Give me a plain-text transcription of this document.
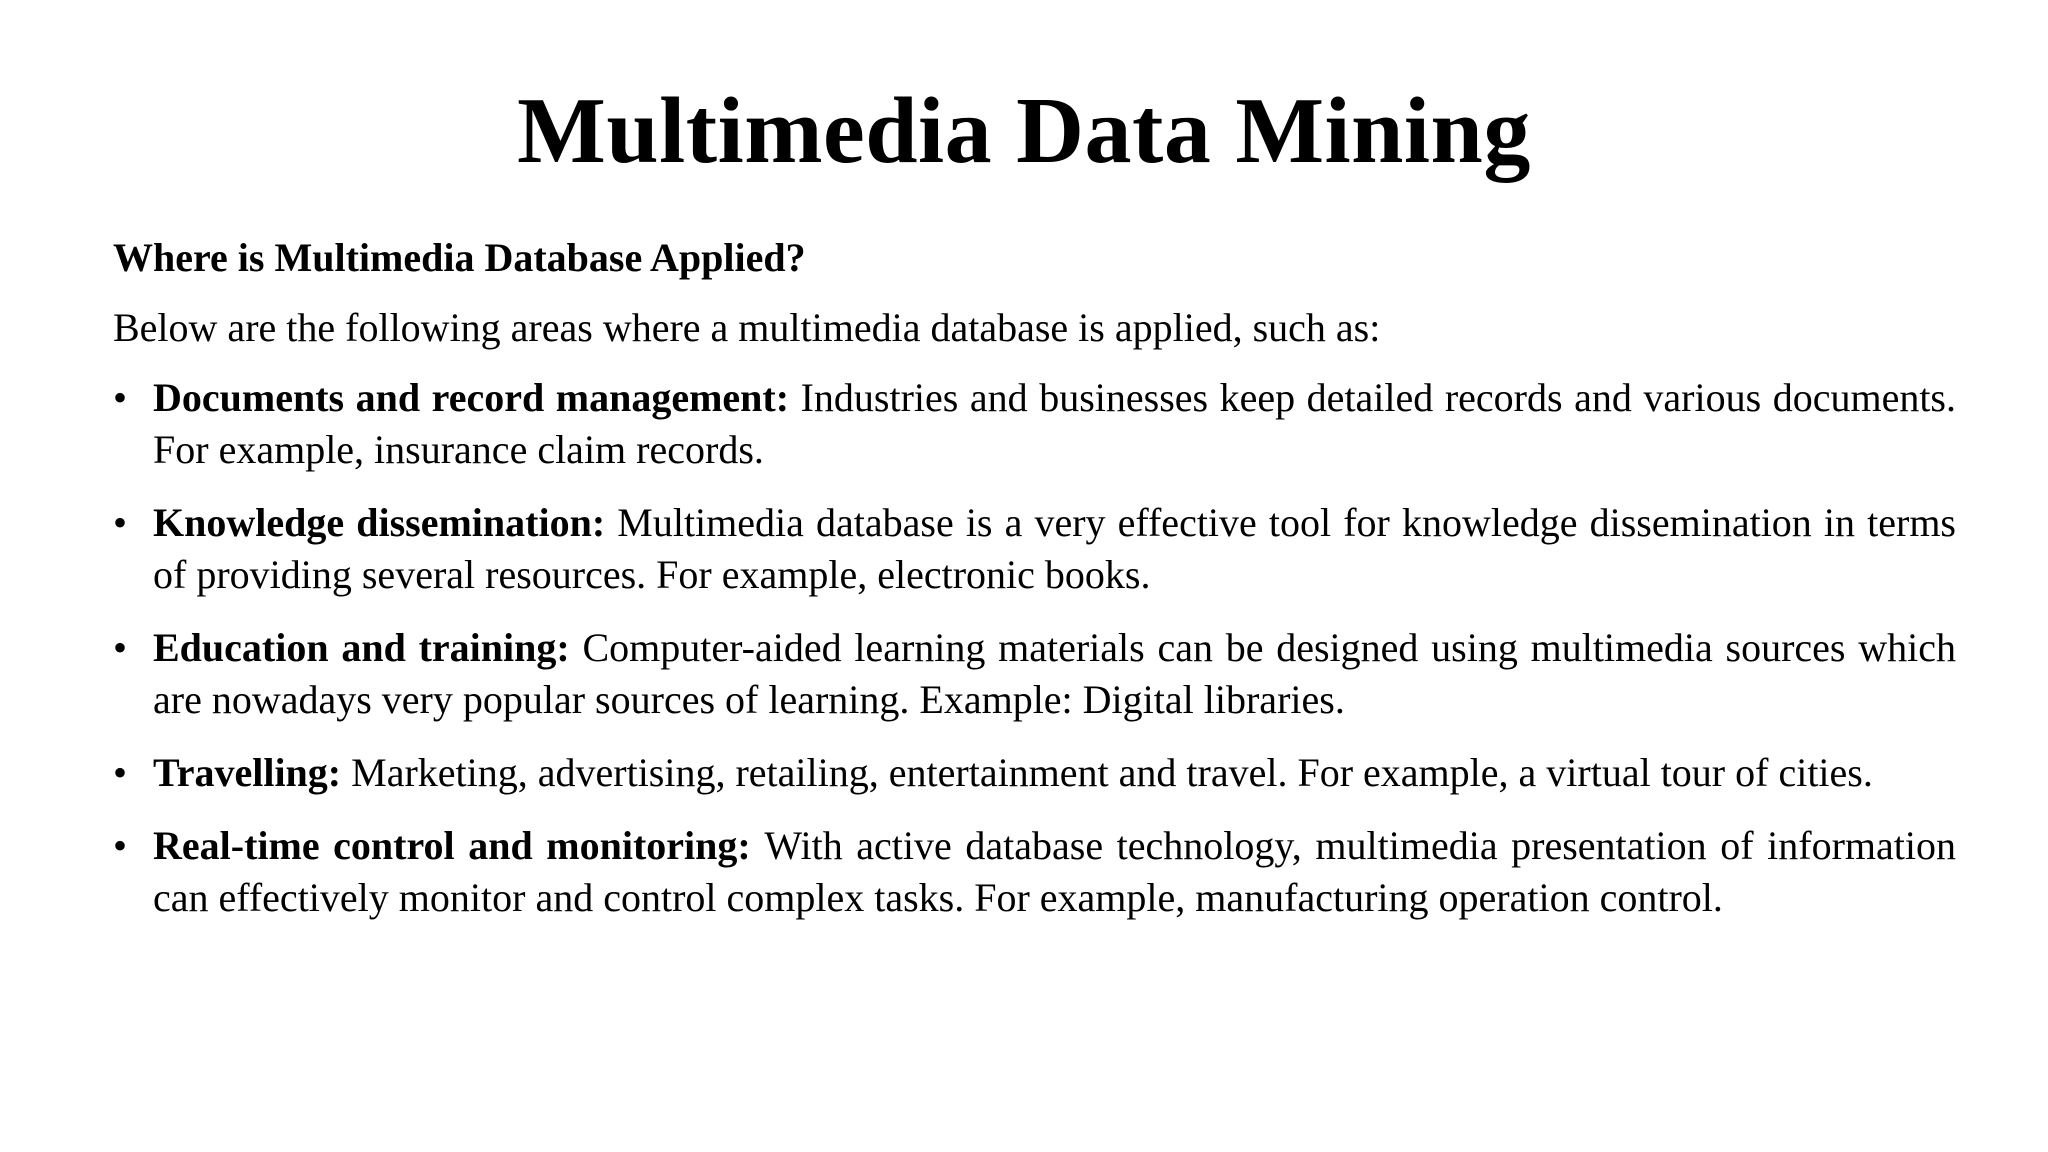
Multimedia Data Mining
Where is Multimedia Database Applied?
Below are the following areas where a multimedia database is applied, such as:
• Documents and record management: Industries and businesses keep detailed records and various documents. For example, insurance claim records.
• Knowledge dissemination: Multimedia database is a very effective tool for knowledge dissemination in terms of providing several resources. For example, electronic books.
• Education and training: Computer-aided learning materials can be designed using multimedia sources which are nowadays very popular sources of learning. Example: Digital libraries.
• Travelling: Marketing, advertising, retailing, entertainment and travel. For example, a virtual tour of cities.
• Real-time control and monitoring: With active database technology, multimedia presentation of information can effectively monitor and control complex tasks. For example, manufacturing operation control.
